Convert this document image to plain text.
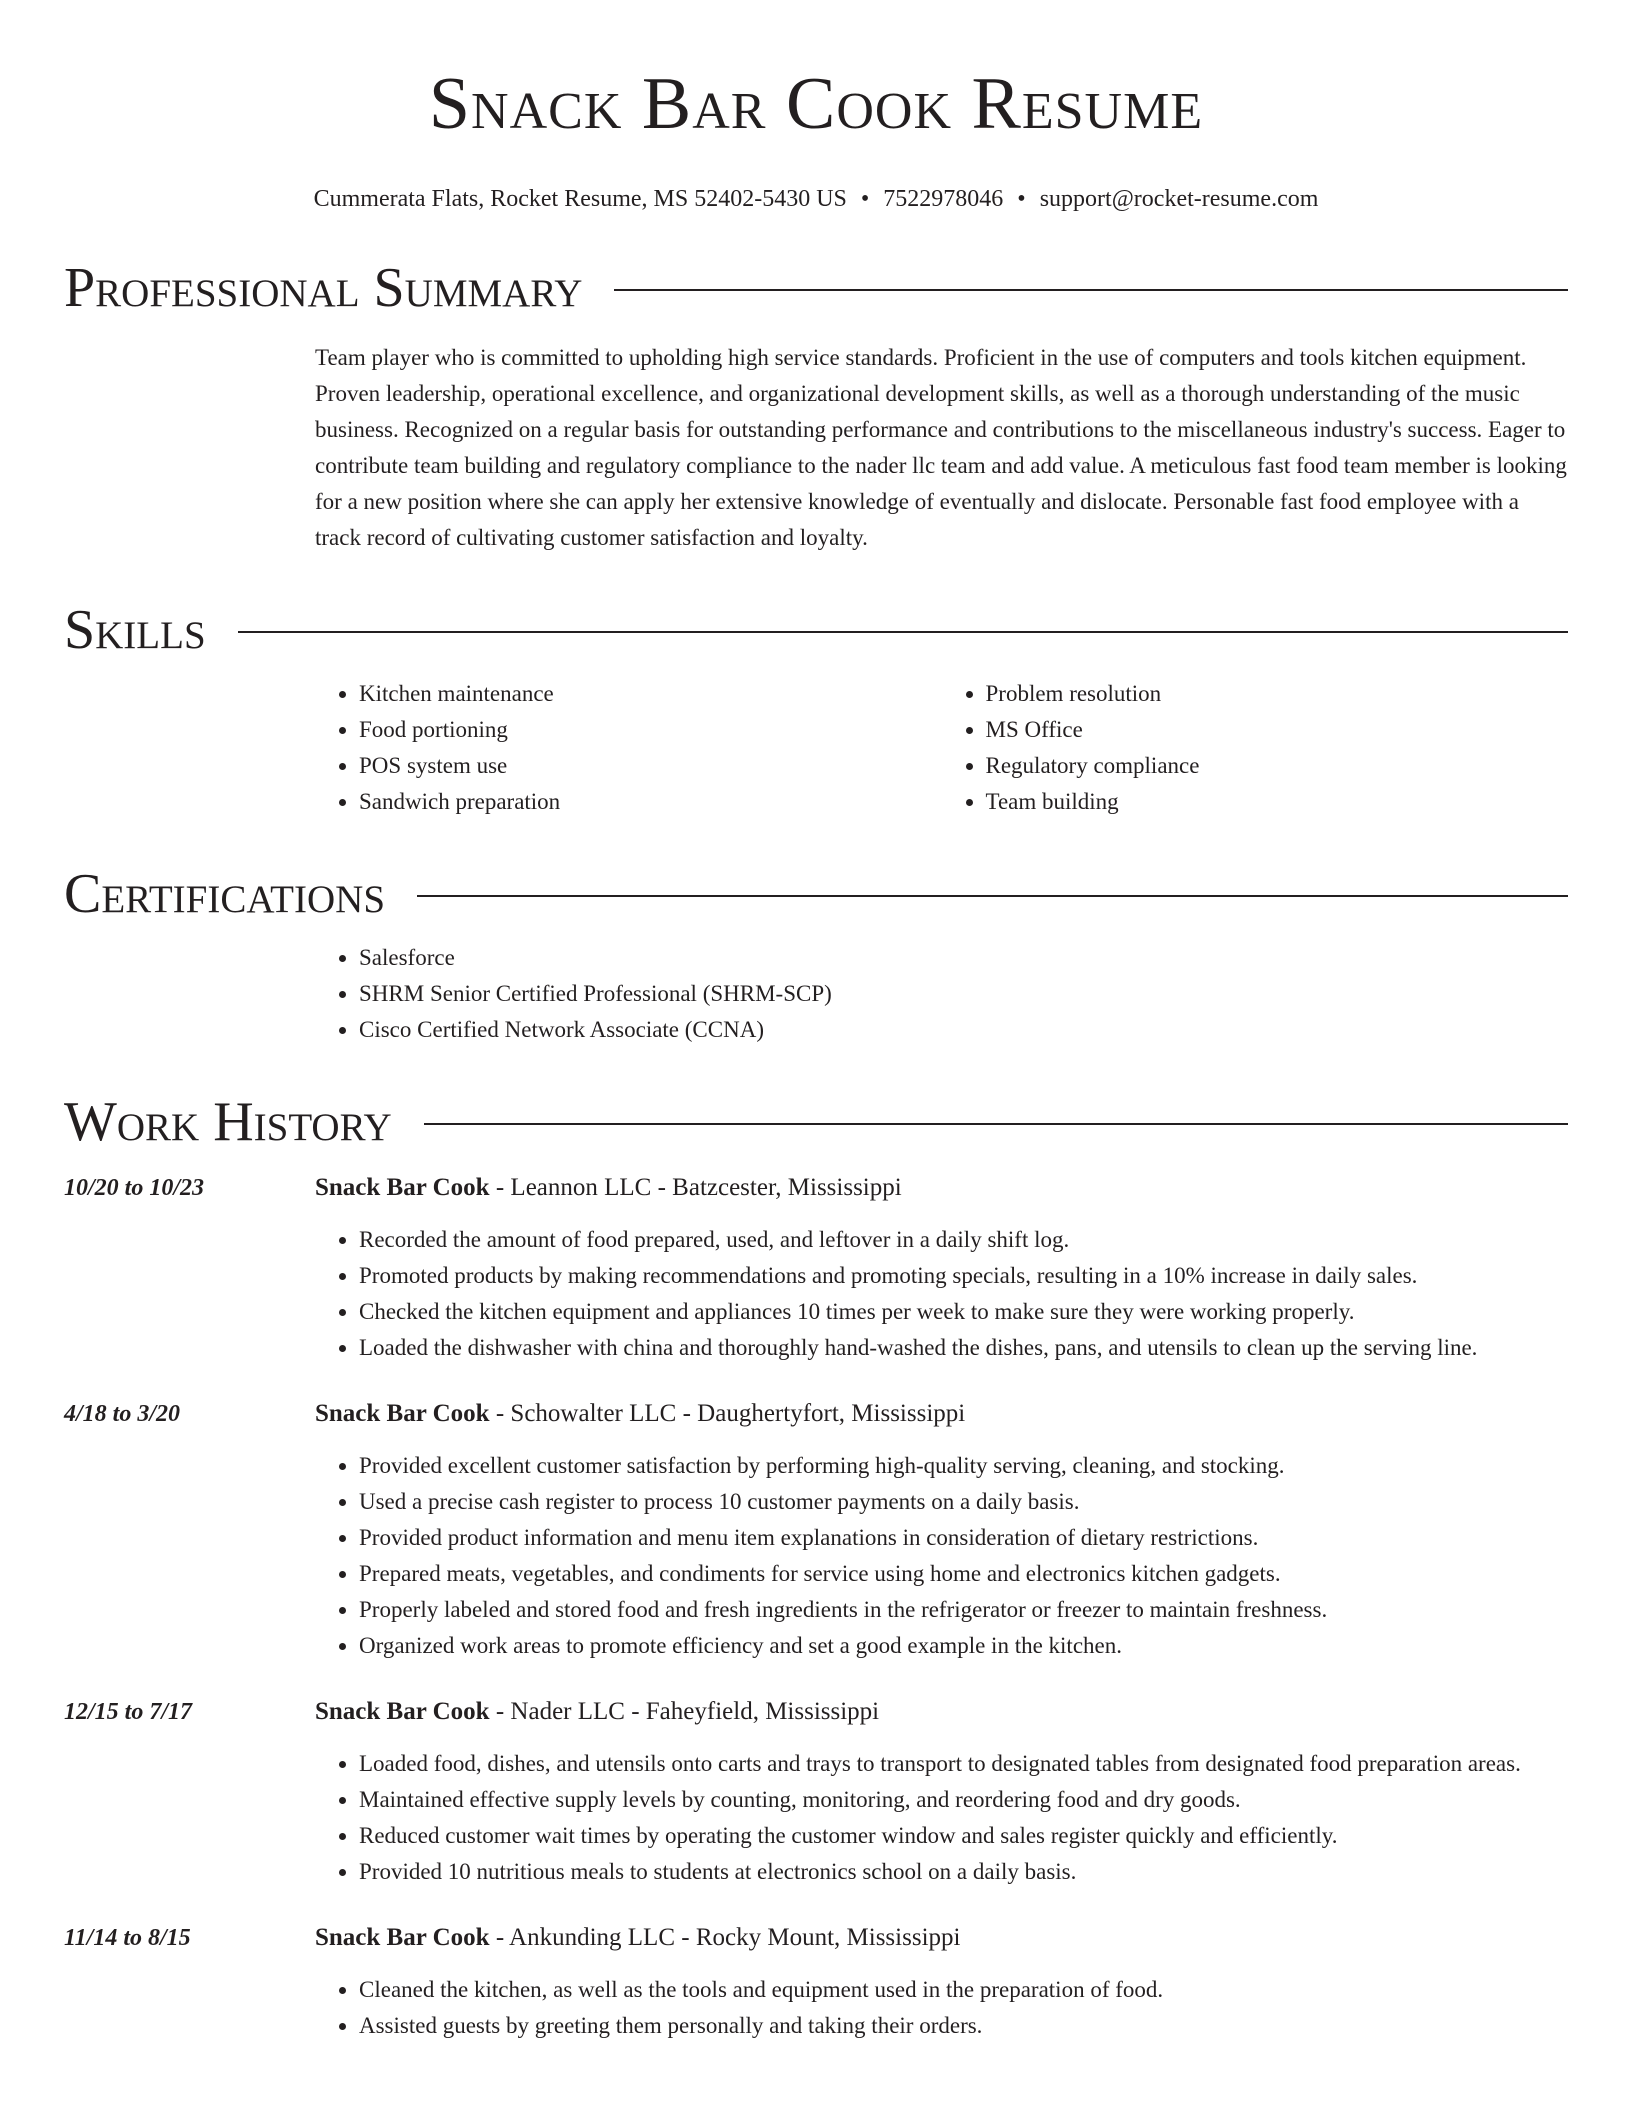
Snack Bar Cook Resume
Cummerata Flats, Rocket Resume, MS 52402-5430 US • 7522978046 • support@rocket-resume.com
Professional Summary
Team player who is committed to upholding high service standards. Proficient in the use of computers and tools kitchen equipment. Proven leadership, operational excellence, and organizational development skills, as well as a thorough understanding of the music business. Recognized on a regular basis for outstanding performance and contributions to the miscellaneous industry's success. Eager to contribute team building and regulatory compliance to the nader llc team and add value. A meticulous fast food team member is looking for a new position where she can apply her extensive knowledge of eventually and dislocate. Personable fast food employee with a track record of cultivating customer satisfaction and loyalty.
Skills
• Kitchen maintenance
• Food portioning
• POS system use
• Sandwich preparation
• Problem resolution
• MS Office
• Regulatory compliance
• Team building
Certifications
• Salesforce
• SHRM Senior Certified Professional (SHRM-SCP)
• Cisco Certified Network Associate (CCNA)
Work History
10/20 to 10/23	Snack Bar Cook - Leannon LLC - Batzcester, Mississippi
• Recorded the amount of food prepared, used, and leftover in a daily shift log.
• Promoted products by making recommendations and promoting specials, resulting in a 10% increase in daily sales.
• Checked the kitchen equipment and appliances 10 times per week to make sure they were working properly.
• Loaded the dishwasher with china and thoroughly hand-washed the dishes, pans, and utensils to clean up the serving line.
4/18 to 3/20	Snack Bar Cook - Schowalter LLC - Daughertyfort, Mississippi
• Provided excellent customer satisfaction by performing high-quality serving, cleaning, and stocking.
• Used a precise cash register to process 10 customer payments on a daily basis.
• Provided product information and menu item explanations in consideration of dietary restrictions.
• Prepared meats, vegetables, and condiments for service using home and electronics kitchen gadgets.
• Properly labeled and stored food and fresh ingredients in the refrigerator or freezer to maintain freshness.
• Organized work areas to promote efficiency and set a good example in the kitchen.
12/15 to 7/17	Snack Bar Cook - Nader LLC - Faheyfield, Mississippi
• Loaded food, dishes, and utensils onto carts and trays to transport to designated tables from designated food preparation areas.
• Maintained effective supply levels by counting, monitoring, and reordering food and dry goods.
• Reduced customer wait times by operating the customer window and sales register quickly and efficiently.
• Provided 10 nutritious meals to students at electronics school on a daily basis.
11/14 to 8/15	Snack Bar Cook - Ankunding LLC - Rocky Mount, Mississippi
• Cleaned the kitchen, as well as the tools and equipment used in the preparation of food.
• Assisted guests by greeting them personally and taking their orders.
